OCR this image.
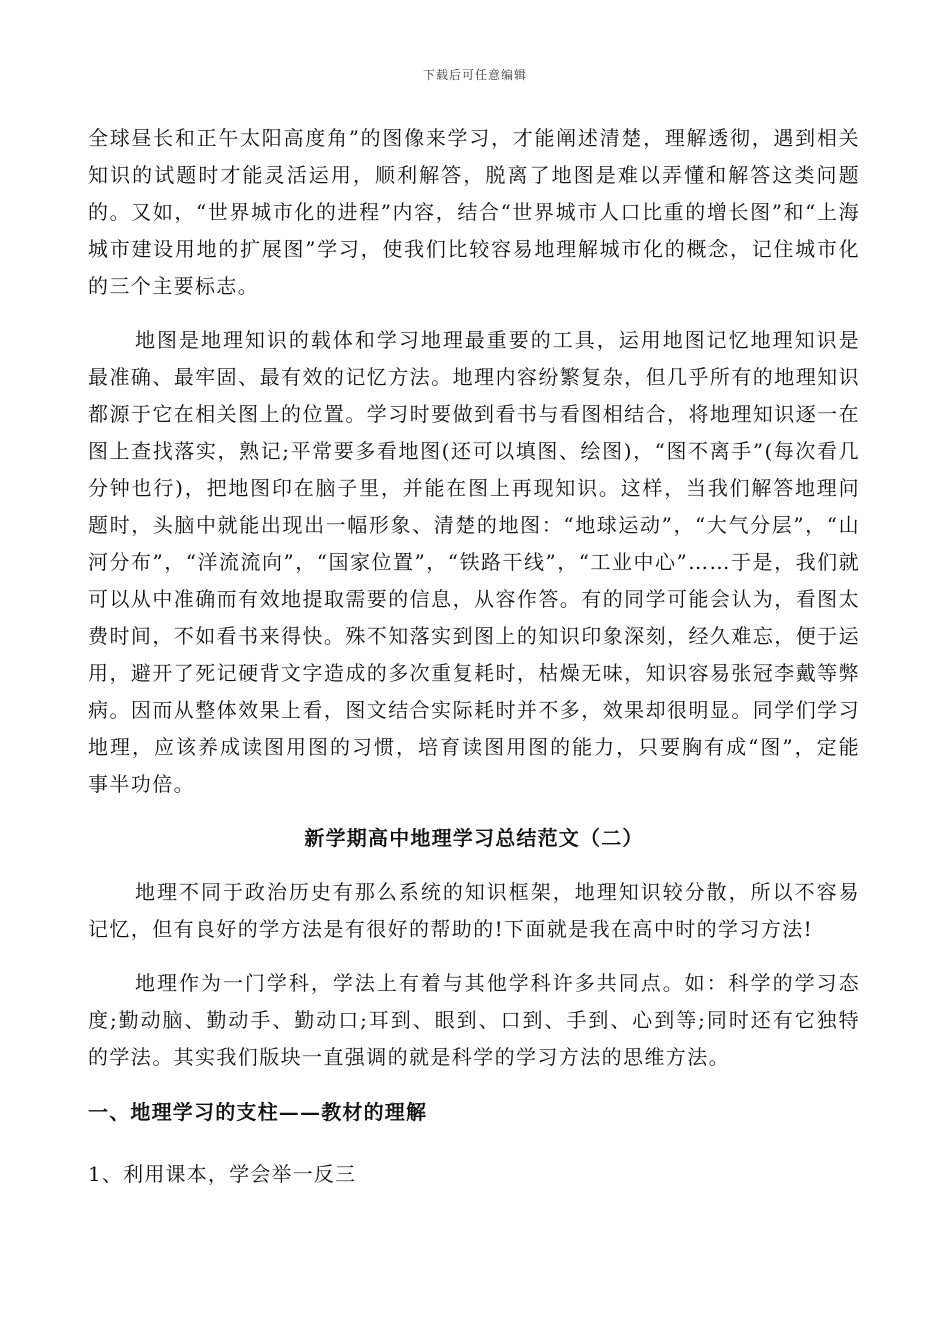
下载后可任意编辑

全球昼长和正午太阳高度角”的图像来学习，才能阐述清楚，理解透彻，遇到相关知识的试题时才能灵活运用，顺利解答，脱离了地图是难以弄懂和解答这类问题的。又如，“世界城市化的进程”内容，结合“世界城市人口比重的增长图”和“上海城市建设用地的扩展图”学习，使我们比较容易地理解城市化的概念，记住城市化的三个主要标志。

地图是地理知识的载体和学习地理最重要的工具，运用地图记忆地理知识是最准确、最牢固、最有效的记忆方法。地理内容纷繁复杂，但几乎所有的地理知识都源于它在相关图上的位置。学习时要做到看书与看图相结合，将地理知识逐一在图上查找落实，熟记;平常要多看地图(还可以填图、绘图)，“图不离手”(每次看几分钟也行)，把地图印在脑子里，并能在图上再现知识。这样，当我们解答地理问题时，头脑中就能出现出一幅形象、清楚的地图：“地球运动”，“大气分层”，“山河分布”，“洋流流向”，“国家位置”，“铁路干线”，“工业中心”……于是，我们就可以从中准确而有效地提取需要的信息，从容作答。有的同学可能会认为，看图太费时间，不如看书来得快。殊不知落实到图上的知识印象深刻，经久难忘，便于运用，避开了死记硬背文字造成的多次重复耗时，枯燥无味，知识容易张冠李戴等弊病。因而从整体效果上看，图文结合实际耗时并不多，效果却很明显。同学们学习地理，应该养成读图用图的习惯，培育读图用图的能力，只要胸有成“图”，定能事半功倍。

新学期高中地理学习总结范文（二）

地理不同于政治历史有那么系统的知识框架，地理知识较分散，所以不容易记忆，但有良好的学方法是有很好的帮助的!下面就是我在高中时的学习方法!

地理作为一门学科，学法上有着与其他学科许多共同点。如：科学的学习态度;勤动脑、勤动手、勤动口;耳到、眼到、口到、手到、心到等;同时还有它独特的学法。其实我们版块一直强调的就是科学的学习方法的思维方法。

一、地理学习的支柱——教材的理解
1、利用课本，学会举一反三
